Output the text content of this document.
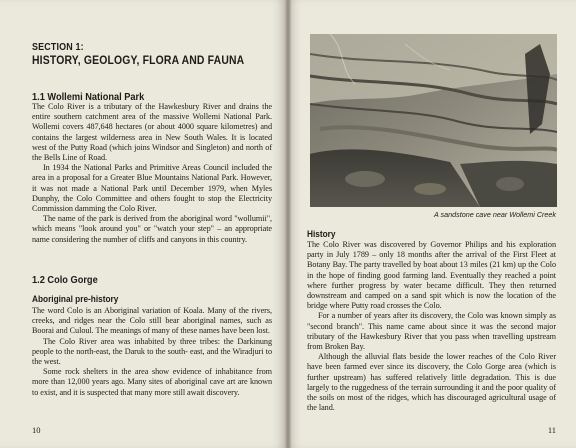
SECTION 1:
HISTORY, GEOLOGY, FLORA AND FAUNA
1.1 Wollemi National Park

The Colo River is a tributary of the Hawkesbury River and drains the entire southern catchment area of the massive Wollemi National Park. Wollemi covers 487,648 hectares (or about 4000 square kilometres) and contains the largest wilderness area in New South Wales. It is located west of the Putty Road (which joins Windsor and Singleton) and north of the Bells Line of Road.

In 1934 the National Parks and Primitive Areas Council included the area in a proposal for a Greater Blue Mountains National Park. However, it was not made a National Park until December 1979, when Myles Dunphy, the Colo Committee and others fought to stop the Electricity Commission damming the Colo River.

The name of the park is derived from the aboriginal word "wollumii", which means "look around you" or "watch your step" – an appropriate name considering the number of cliffs and canyons in this country.

1.2 Colo Gorge
Aboriginal pre-history

The word Colo is an Aboriginal variation of Koala. Many of the rivers, creeks, and ridges near the Colo still bear aboriginal names, such as Boorai and Culoul. The meanings of many of these names have been lost.

The Colo River area was inhabited by three tribes: the Darkinung people to the north-east, the Daruk to the south- east, and the Wiradjuri to the west.

Some rock shelters in the area show evidence of inhabitance from more than 12,000 years ago. Many sites of aboriginal cave art are known to exist, and it is suspected that many more still await discovery.

10
A sandstone cave near Wollemi Creek
History

The Colo River was discovered by Governor Philips and his exploration party in July 1789 – only 18 months after the arrival of the First Fleet at Botany Bay. The party travelled by boat about 13 miles (21 km) up the Colo in the hope of finding good farming land. Eventually they reached a point where further progress by water became difficult. They then returned downstream and camped on a sand spit which is now the location of the bridge where Putty road crosses the Colo.

For a number of years after its discovery, the Colo was known simply as "second branch". This name came about since it was the second major tributary of the Hawkesbury River that you pass when travelling upstream from Broken Bay.

Although the alluvial flats beside the lower reaches of the Colo River have been farmed ever since its discovery, the Colo Gorge area (which is further upstream) has suffered relatively little degradation. This is due largely to the ruggedness of the terrain surrounding it and the poor quality of the soils on most of the ridges, which has discouraged agricultural usage of the land.

11
